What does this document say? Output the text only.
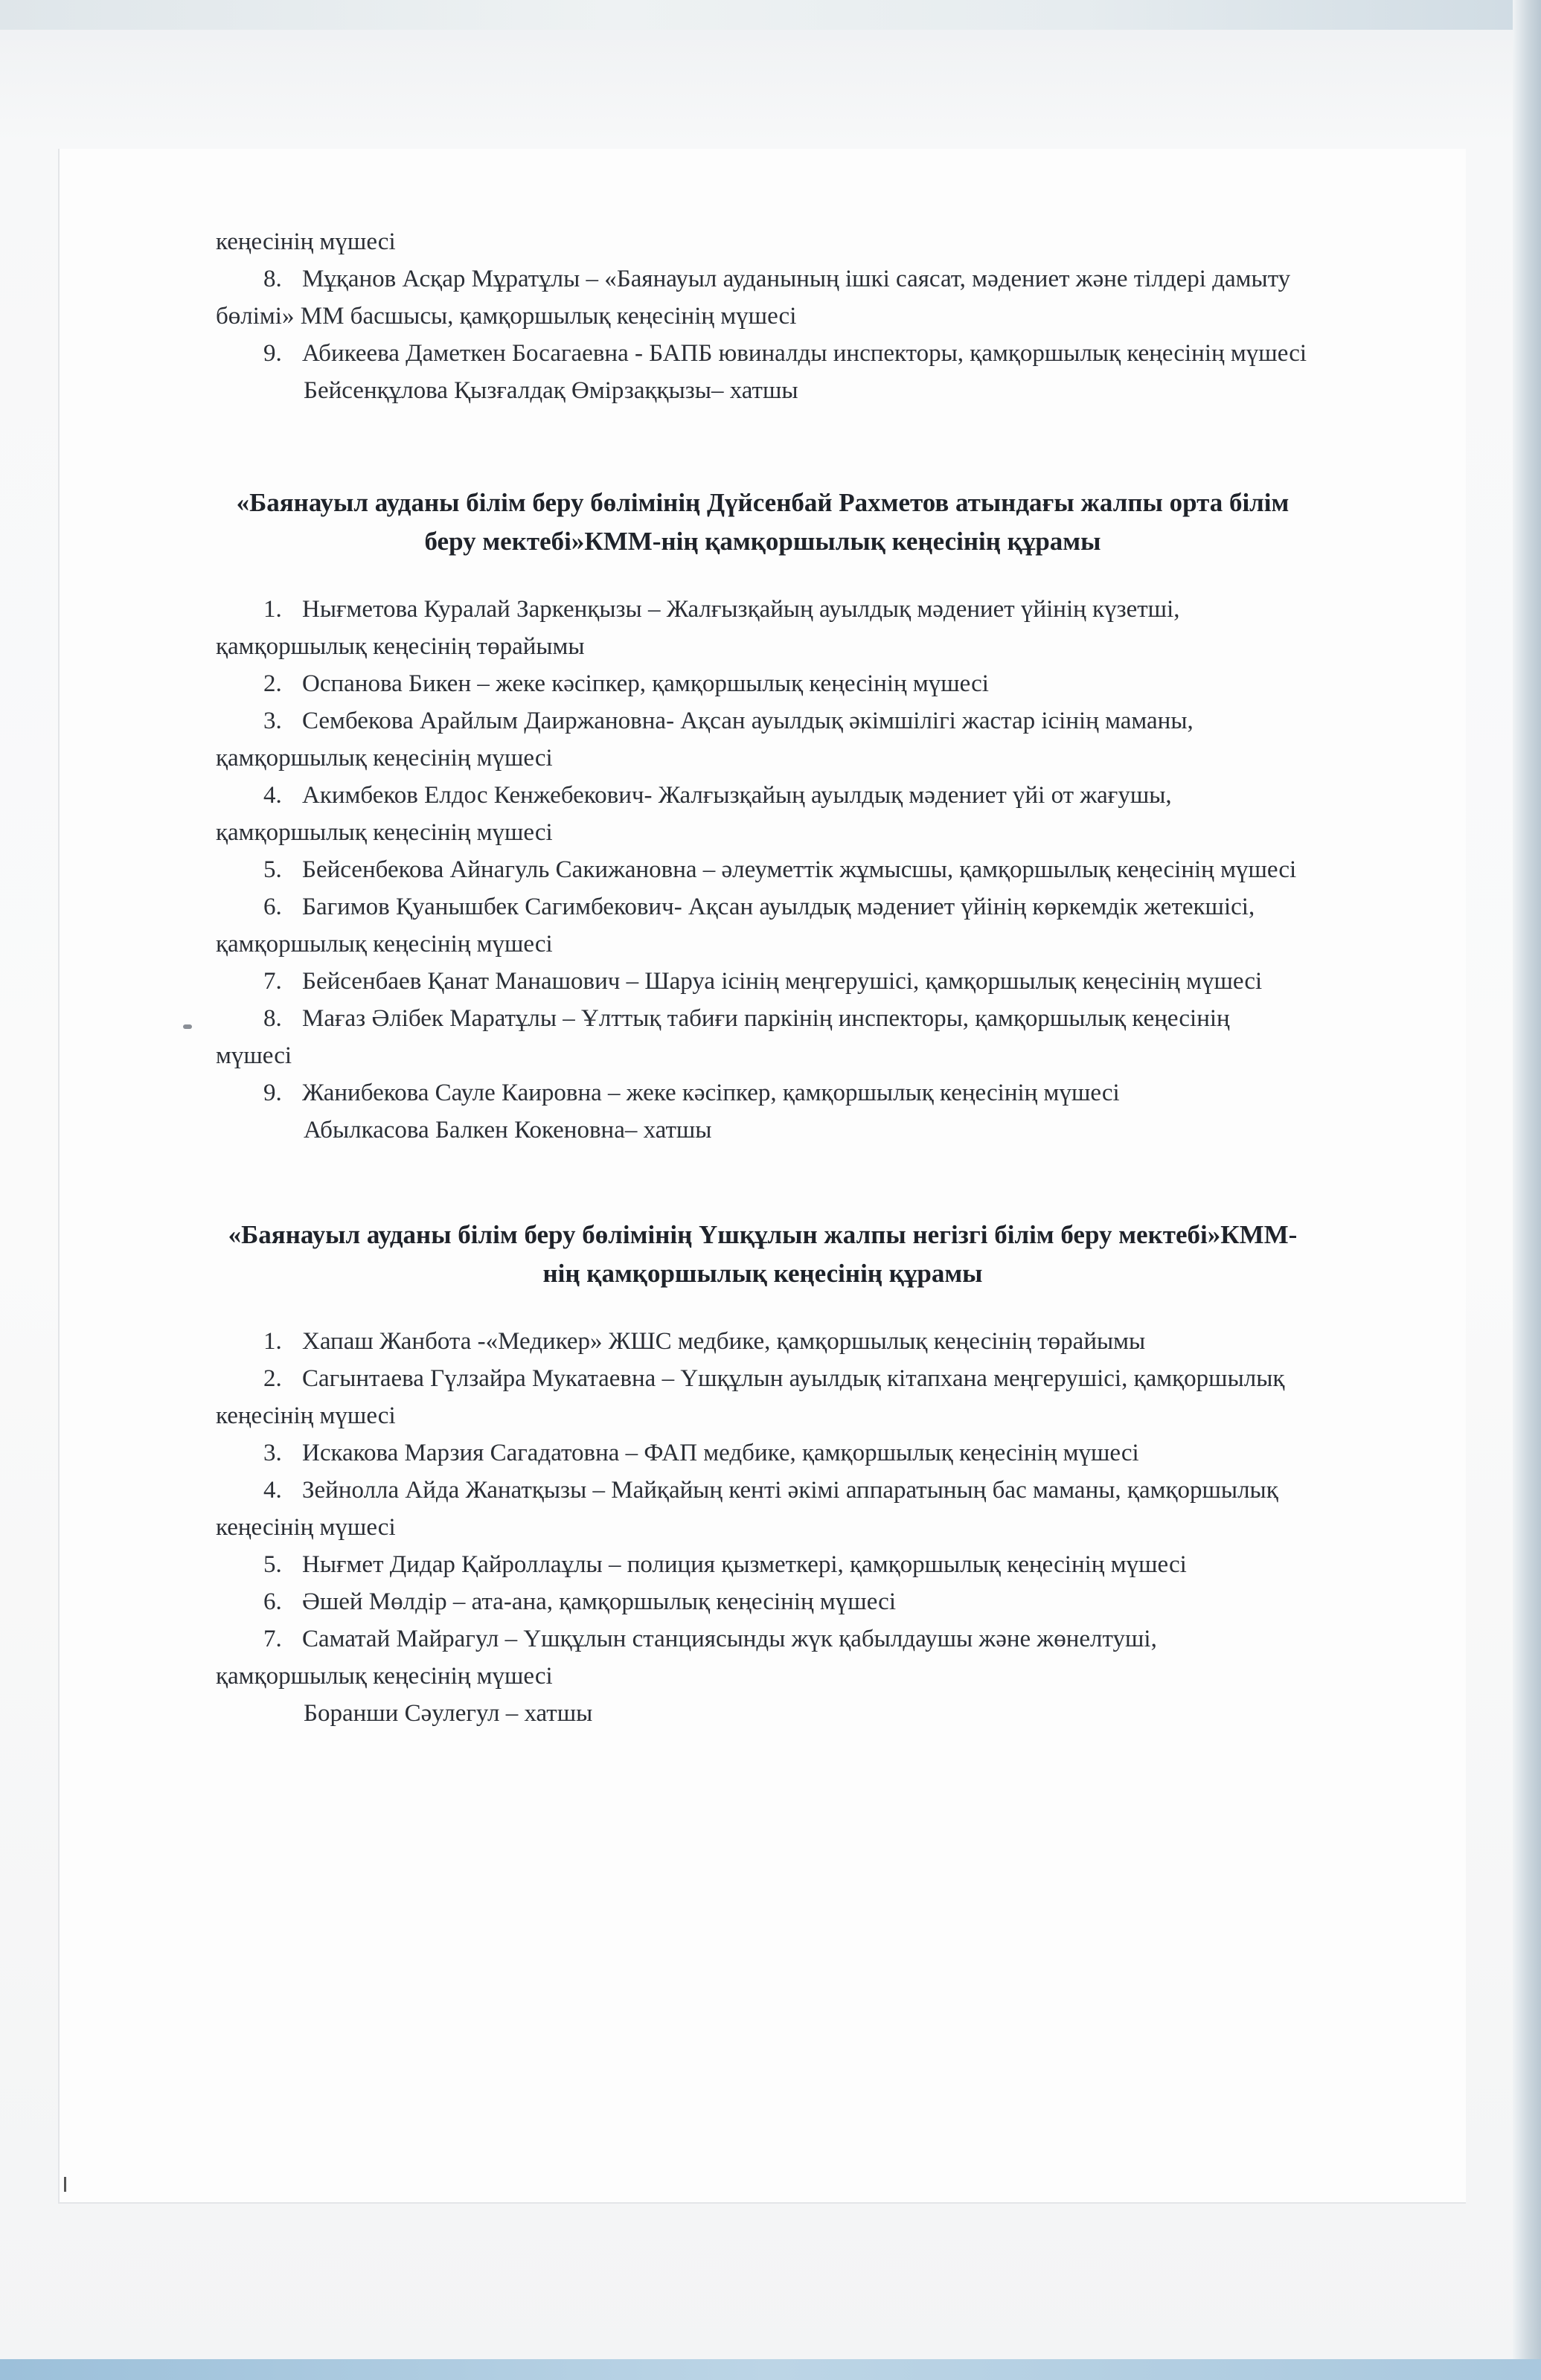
кеңесінің мүшесі

8. Мұқанов Асқар Мұратұлы – «Баянауыл ауданының ішкі саясат, мәдениет және тілдері дамыту бөлімі» ММ басшысы, қамқоршылық кеңесінің мүшесі

9. Абикеева Даметкен Босагаевна - БАПБ ювиналды инспекторы, қамқоршылық кеңесінің мүшесі

Бейсенқұлова Қызғалдақ Өмірзаққызы– хатшы

«Баянауыл ауданы білім беру бөлімінің Дүйсенбай Рахметов атындағы жалпы орта білім беру мектебі»КММ-нің қамқоршылық кеңесінің құрамы

1. Нығметова Куралай Заркенқызы – Жалғызқайың ауылдық мәдениет үйінің күзетші, қамқоршылық кеңесінің төрайымы

2. Оспанова Бикен – жеке кәсіпкер, қамқоршылық кеңесінің мүшесі

3. Сембекова Арайлым Даиржановна- Ақсан ауылдық әкімшілігі жастар ісінің маманы, қамқоршылық кеңесінің мүшесі

4. Акимбеков Елдос Кенжебекович- Жалғызқайың ауылдық мәдениет үйі от жағушы, қамқоршылық кеңесінің мүшесі

5. Бейсенбекова Айнагуль Сакижановна – әлеуметтік жұмысшы, қамқоршылық кеңесінің мүшесі

6. Багимов Қуанышбек Сагимбекович- Ақсан ауылдық мәдениет үйінің көркемдік жетекшісі, қамқоршылық кеңесінің мүшесі

7. Бейсенбаев Қанат Манашович – Шаруа ісінің меңгерушісі, қамқоршылық кеңесінің мүшесі

8. Мағаз Әлібек Маратұлы – Ұлттық табиғи паркінің инспекторы, қамқоршылық кеңесінің мүшесі

9. Жанибекова Сауле Каировна – жеке кәсіпкер, қамқоршылық кеңесінің мүшесі

Абылкасова Балкен Кокеновна– хатшы

«Баянауыл ауданы білім беру бөлімінің Үшқұлын жалпы негізгі білім беру мектебі»КММ-нің қамқоршылық кеңесінің құрамы

1. Хапаш Жанбота -«Медикер» ЖШС медбике, қамқоршылық кеңесінің төрайымы

2. Сагынтаева Гүлзайра Мукатаевна – Үшқұлын ауылдық кітапхана меңгерушісі, қамқоршылық кеңесінің мүшесі

3. Искакова Марзия Сагадатовна – ФАП медбике, қамқоршылық кеңесінің мүшесі

4. Зейнолла Айда Жанатқызы – Майқайың кенті әкімі аппаратының бас маманы, қамқоршылық кеңесінің мүшесі

5. Нығмет Дидар Қайроллаұлы – полиция қызметкері, қамқоршылық кеңесінің мүшесі

6. Әшей Мөлдір – ата-ана, қамқоршылық кеңесінің мүшесі

7. Саматай Майрагул – Үшқұлын станциясынды жүк қабылдаушы және жөнелтуші, қамқоршылық кеңесінің мүшесі

Боранши Сәулегул – хатшы
